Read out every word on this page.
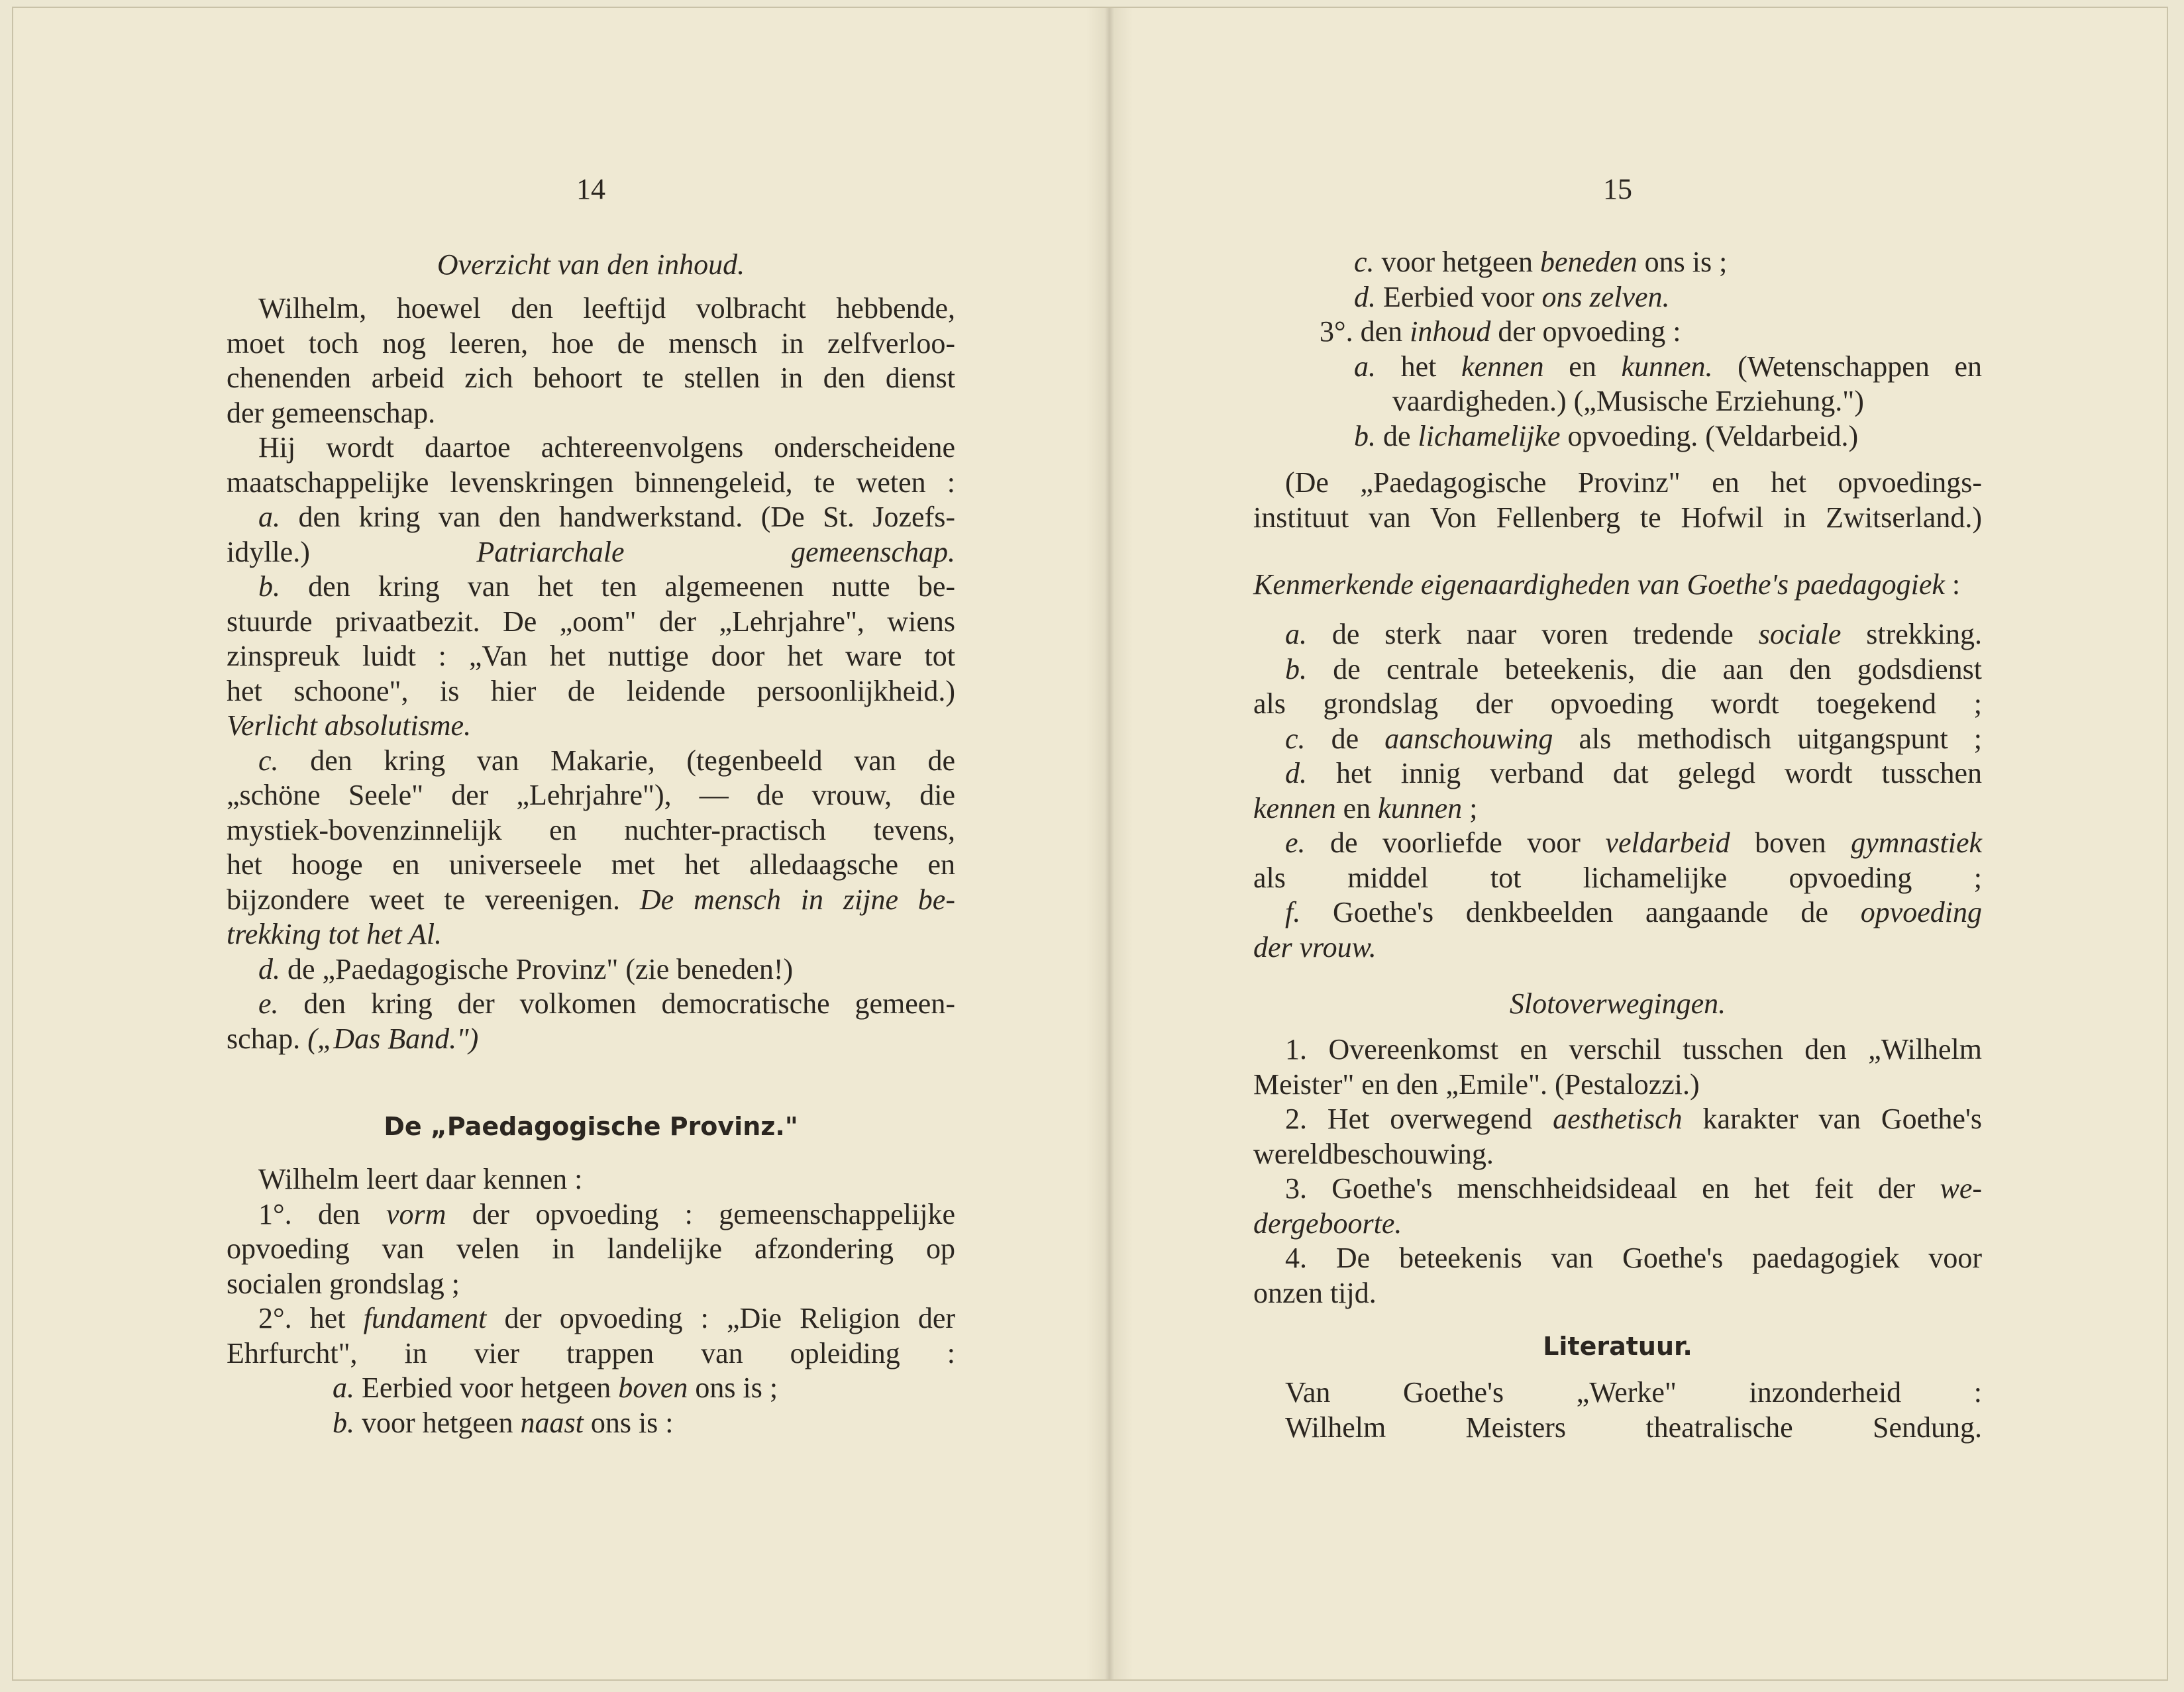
14
Overzicht van den inhoud.
Wilhelm, hoewel den leeftijd volbracht hebbende,
moet toch nog leeren, hoe de mensch in zelfverloo-
chenenden arbeid zich behoort te stellen in den dienst
der gemeenschap.
Hij wordt daartoe achtereenvolgens onderscheidene
maatschappelijke levenskringen binnengeleid, te weten :
a. den kring van den handwerkstand. (De St. Jozefs-
idylle.) Patriarchale gemeenschap.
b. den kring van het ten algemeenen nutte be-
stuurde privaatbezit. De „oom" der „Lehrjahre", wiens
zinspreuk luidt : „Van het nuttige door het ware tot
het schoone", is hier de leidende persoonlijkheid.)
Verlicht absolutisme.
c. den kring van Makarie, (tegenbeeld van de
„schöne Seele" der „Lehrjahre"), — de vrouw, die
mystiek-bovenzinnelijk en nuchter-practisch tevens,
het hooge en universeele met het alledaagsche en
bijzondere weet te vereenigen. De mensch in zijne be-
trekking tot het Al.
d. de „Paedagogische Provinz" (zie beneden!)
e. den kring der volkomen democratische gemeen-
schap. („Das Band.")
De „Paedagogische Provinz."
Wilhelm leert daar kennen :
1°. den vorm der opvoeding : gemeenschappelijke
opvoeding van velen in landelijke afzondering op
socialen grondslag ;
2°. het fundament der opvoeding : „Die Religion der
Ehrfurcht", in vier trappen van opleiding :
a. Eerbied voor hetgeen boven ons is ;
b. voor hetgeen naast ons is :
15
c. voor hetgeen beneden ons is ;
d. Eerbied voor ons zelven.
3°. den inhoud der opvoeding :
a. het kennen en kunnen. (Wetenschappen en
vaardigheden.) („Musische Erziehung.")
b. de lichamelijke opvoeding. (Veldarbeid.)
(De „Paedagogische Provinz" en het opvoedings-
instituut van Von Fellenberg te Hofwil in Zwitserland.)
Kenmerkende eigenaardigheden van Goethe's paedagogiek :
a. de sterk naar voren tredende sociale strekking.
b. de centrale beteekenis, die aan den godsdienst
als grondslag der opvoeding wordt toegekend ;
c. de aanschouwing als methodisch uitgangspunt ;
d. het innig verband dat gelegd wordt tusschen
kennen en kunnen ;
e. de voorliefde voor veldarbeid boven gymnastiek
als middel tot lichamelijke opvoeding ;
f. Goethe's denkbeelden aangaande de opvoeding
der vrouw.
Slotoverwegingen.
1. Overeenkomst en verschil tusschen den „Wilhelm
Meister" en den „Emile". (Pestalozzi.)
2. Het overwegend aesthetisch karakter van Goethe's
wereldbeschouwing.
3. Goethe's menschheidsideaal en het feit der we-
dergeboorte.
4. De beteekenis van Goethe's paedagogiek voor
onzen tijd.
Literatuur.
Van Goethe's „Werke" inzonderheid :
Wilhelm Meisters theatralische Sendung.
